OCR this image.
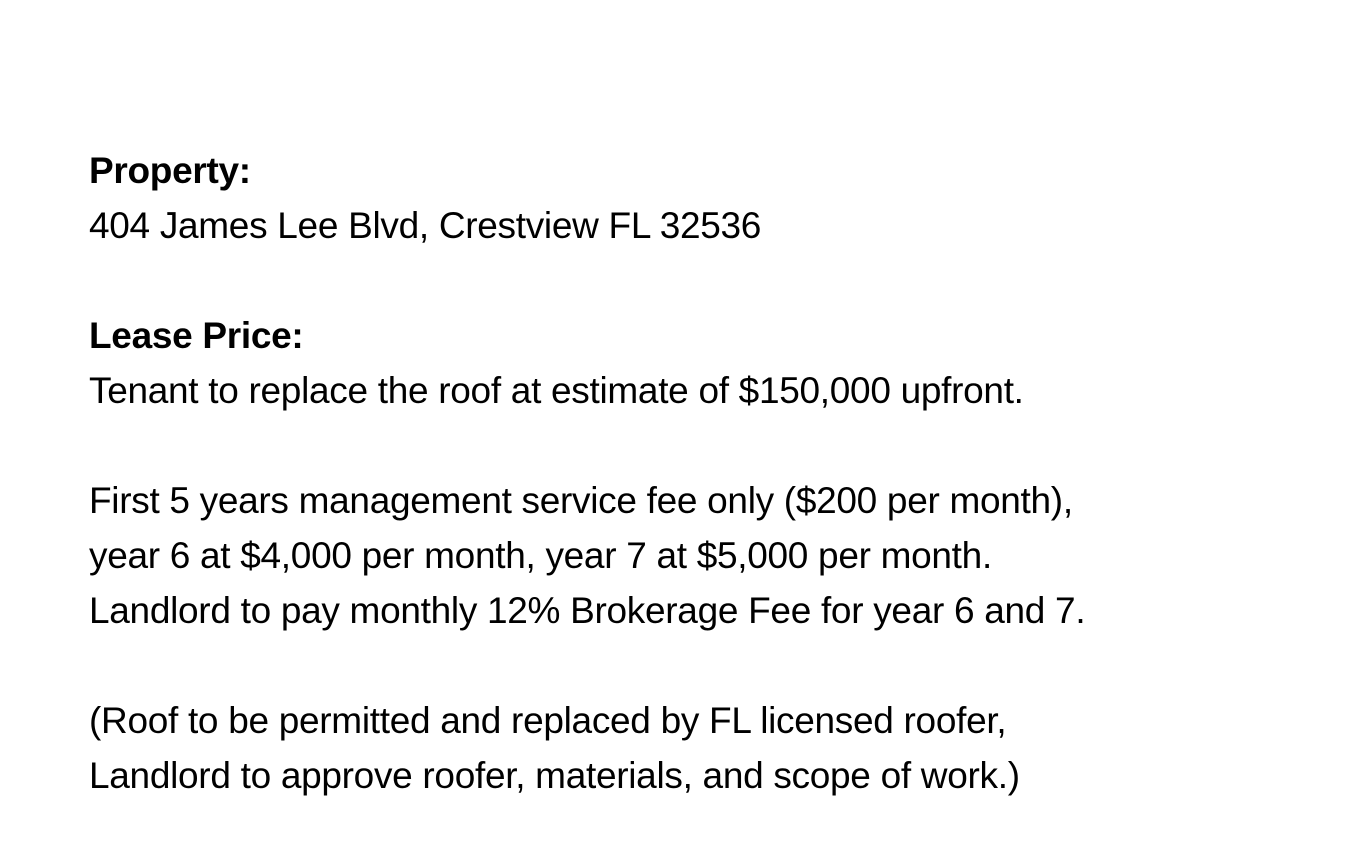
Property:
404 James Lee Blvd, Crestview FL 32536
Lease Price:
Tenant to replace the roof at estimate of $150,000 upfront.
First 5 years management service fee only ($200 per month),
year 6 at $4,000 per month, year 7 at $5,000 per month.
Landlord to pay monthly 12% Brokerage Fee for year 6 and 7.
(Roof to be permitted and replaced by FL licensed roofer,
Landlord to approve roofer, materials, and scope of work.)
